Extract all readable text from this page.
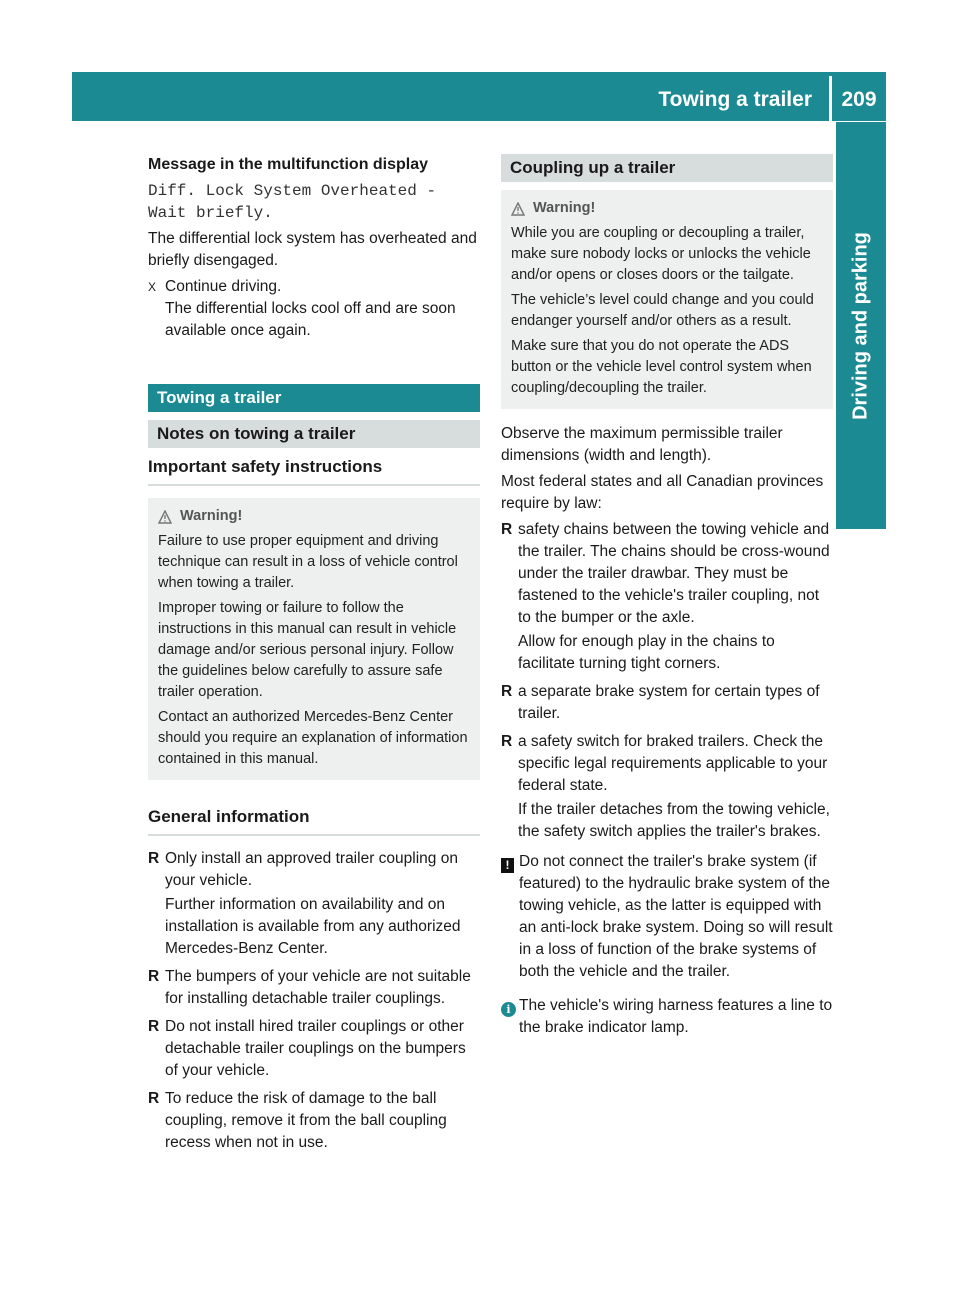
Towing a trailer	209
Driving and parking

Message in the multifunction display

Diff. Lock System Overheated -
Wait briefly.

The differential lock system has overheated and briefly disengaged.

X Continue driving.
The differential locks cool off and are soon available once again.
Towing a trailer
Notes on towing a trailer
Important safety instructions
Warning!

Failure to use proper equipment and driving technique can result in a loss of vehicle control when towing a trailer.

Improper towing or failure to follow the instructions in this manual can result in vehicle damage and/or serious personal injury. Follow the guidelines below carefully to assure safe trailer operation.

Contact an authorized Mercedes-Benz Center should you require an explanation of information contained in this manual.

General information
R Only install an approved trailer coupling on your vehicle.

Further information on availability and on installation is available from any authorized Mercedes-Benz Center.

R The bumpers of your vehicle are not suitable for installing detachable trailer couplings.

R Do not install hired trailer couplings or other detachable trailer couplings on the bumpers of your vehicle.

R To reduce the risk of damage to the ball coupling, remove it from the ball coupling recess when not in use.

Coupling up a trailer
Warning!

While you are coupling or decoupling a trailer, make sure nobody locks or unlocks the vehicle and/or opens or closes doors or the tailgate.

The vehicle’s level could change and you could endanger yourself and/or others as a result.

Make sure that you do not operate the ADS button or the vehicle level control system when coupling/decoupling the trailer.

Observe the maximum permissible trailer dimensions (width and length).

Most federal states and all Canadian provinces require by law:

R safety chains between the towing vehicle and the trailer. The chains should be cross-wound under the trailer drawbar. They must be fastened to the vehicle's trailer coupling, not to the bumper or the axle.

Allow for enough play in the chains to facilitate turning tight corners.

R a separate brake system for certain types of trailer.

R a safety switch for braked trailers. Check the specific legal requirements applicable to your federal state.

If the trailer detaches from the towing vehicle, the safety switch applies the trailer's brakes.

! Do not connect the trailer's brake system (if featured) to the hydraulic brake system of the towing vehicle, as the latter is equipped with an anti-lock brake system. Doing so will result in a loss of function of the brake systems of both the vehicle and the trailer.

i The vehicle's wiring harness features a line to the brake indicator lamp.
